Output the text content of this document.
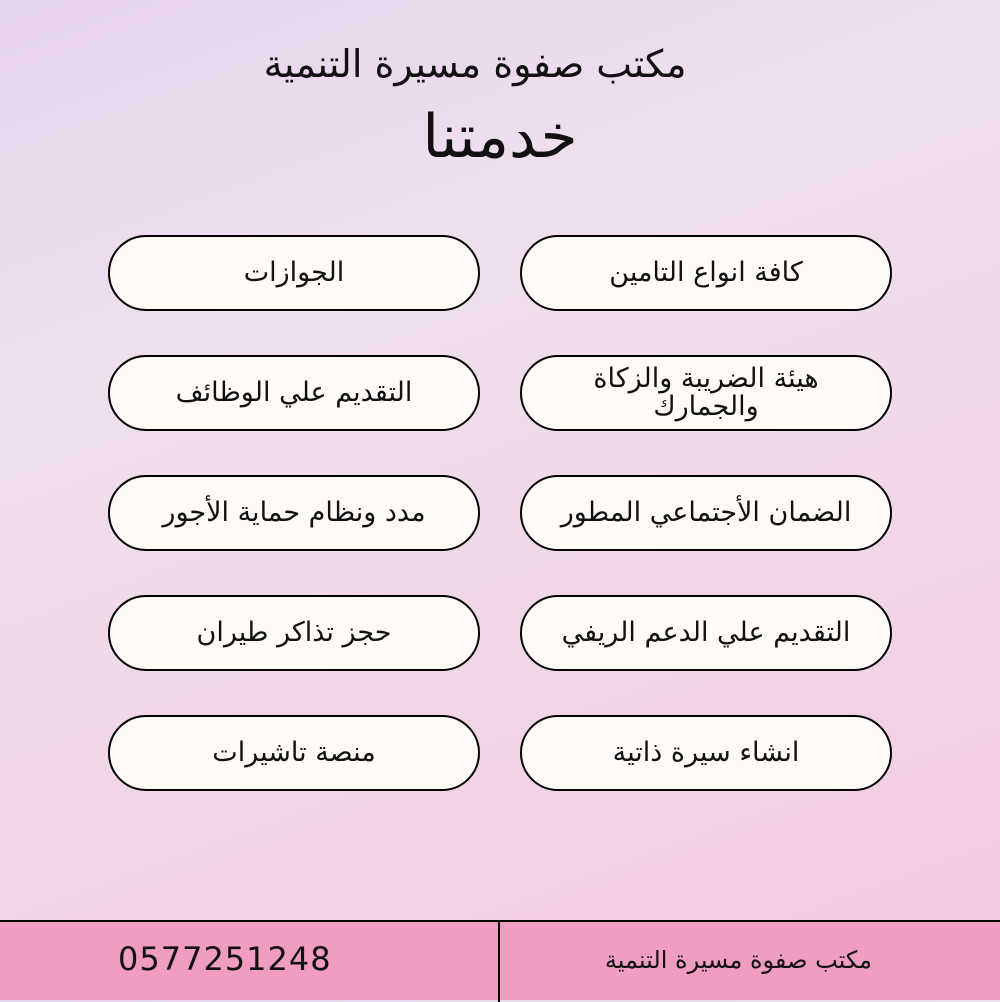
مكتب صفوة مسيرة التنمية
خدمتنا
الجوازات	كافة انواع التامين
التقديم علي الوظائف	هيئة الضريبة والزكاة والجمارك
مدد ونظام حماية الأجور	الضمان الأجتماعي المطور
حجز تذاكر طيران	التقديم علي الدعم الريفي
منصة تاشيرات	انشاء سيرة ذاتية
0577251248	مكتب صفوة مسيرة التنمية
